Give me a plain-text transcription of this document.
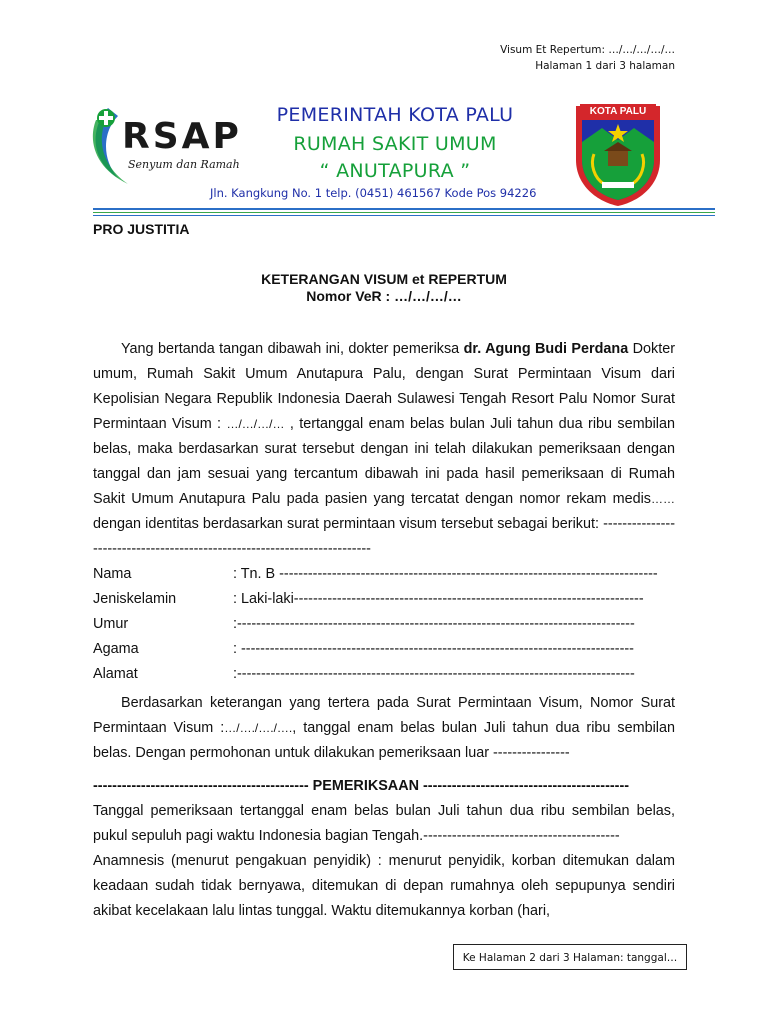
Visum Et Repertum: …/…/…/…/…
Halaman 1 dari 3 halaman
RSAP
Senyum dan Ramah
PEMERINTAH KOTA PALU
RUMAH SAKIT UMUM
“ ANUTAPURA ”
Jln. Kangkung No. 1 telp. (0451) 461567 Kode Pos 94226
KOTA PALU
PRO JUSTITIA
KETERANGAN VISUM et REPERTUM
Nomor VeR : …/…/…/…

Yang bertanda tangan dibawah ini, dokter pemeriksa dr. Agung Budi Perdana Dokter umum, Rumah Sakit Umum Anutapura Palu, dengan Surat Permintaan Visum dari Kepolisian Negara Republik Indonesia Daerah Sulawesi Tengah Resort Palu Nomor Surat Permintaan Visum : …/…/…/… , tertanggal enam belas bulan Juli tahun dua ribu sembilan belas, maka berdasarkan surat tersebut dengan ini telah dilakukan pemeriksaan dengan tanggal dan jam sesuai yang tercantum dibawah ini pada hasil pemeriksaan di Rumah Sakit Umum Anutapura Palu pada pasien yang tercatat dengan nomor rekam medis…… dengan identitas berdasarkan surat permintaan visum tersebut sebagai berikut: -------------------------------------------------------------------------

Nama	: Tn. B -------------------------------------------------------------------------------
Jeniskelamin	: Laki-laki-------------------------------------------------------------------------
Umur	:-----------------------------------------------------------------------------------
Agama	: ----------------------------------------------------------------------------------
Alamat	:-----------------------------------------------------------------------------------

Berdasarkan keterangan yang tertera pada Surat Permintaan Visum, Nomor Surat Permintaan Visum :…/…./…./…., tanggal enam belas bulan Juli tahun dua ribu sembilan belas. Dengan permohonan untuk dilakukan pemeriksaan luar ----------------

--------------------------------------------- PEMERIKSAAN -------------------------------------------

Tanggal pemeriksaan tertanggal enam belas bulan Juli tahun dua ribu sembilan belas, pukul sepuluh pagi waktu Indonesia bagian Tengah.-----------------------------------------

Anamnesis (menurut pengakuan penyidik) : menurut penyidik, korban ditemukan dalam keadaan sudah tidak bernyawa, ditemukan di depan rumahnya oleh sepupunya sendiri akibat kecelakaan lalu lintas tunggal. Waktu ditemukannya korban (hari,

Ke Halaman 2 dari 3 Halaman: tanggal…
